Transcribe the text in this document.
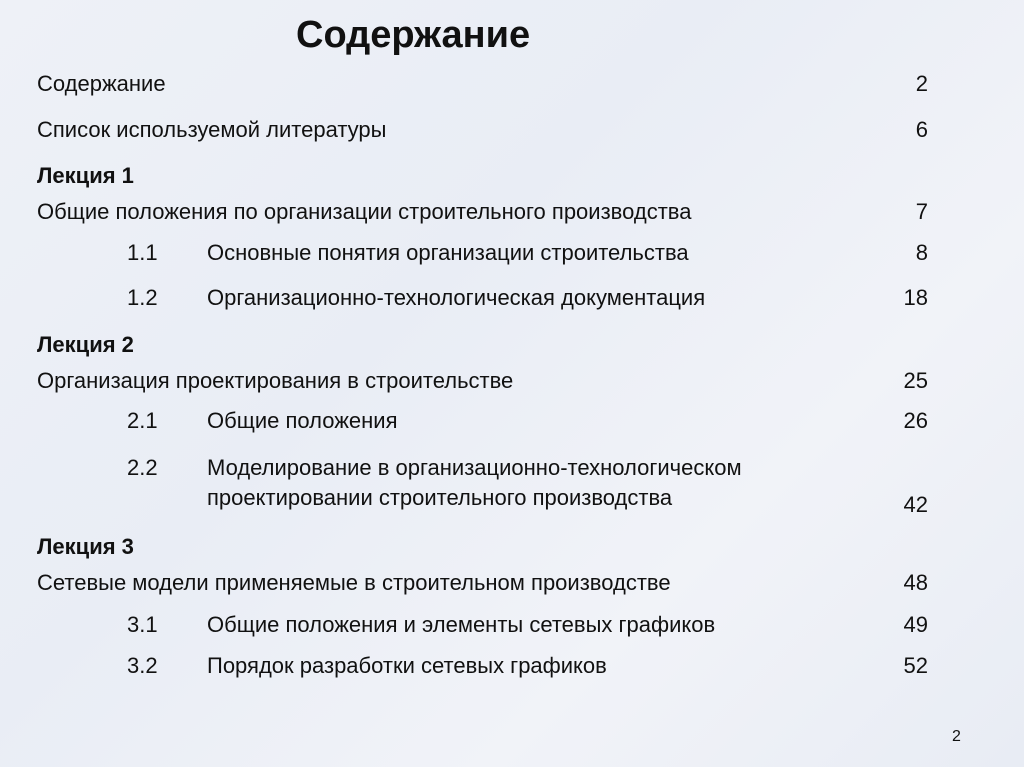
Содержание
Содержание	2
Список используемой литературы	6
Лекция 1
Общие положения по организации строительного производства	7
1.1 Основные понятия организации строительства	8
1.2 Организационно-технологическая документация	18
Лекция 2
Организация проектирования в строительстве	25
2.1 Общие положения	26
2.2 Моделирование в организационно-технологическом
проектировании строительного производства	42
Лекция 3
Сетевые модели применяемые в строительном производстве	48
3.1 Общие положения и элементы сетевых графиков	49
3.2 Порядок разработки сетевых графиков	52
2
